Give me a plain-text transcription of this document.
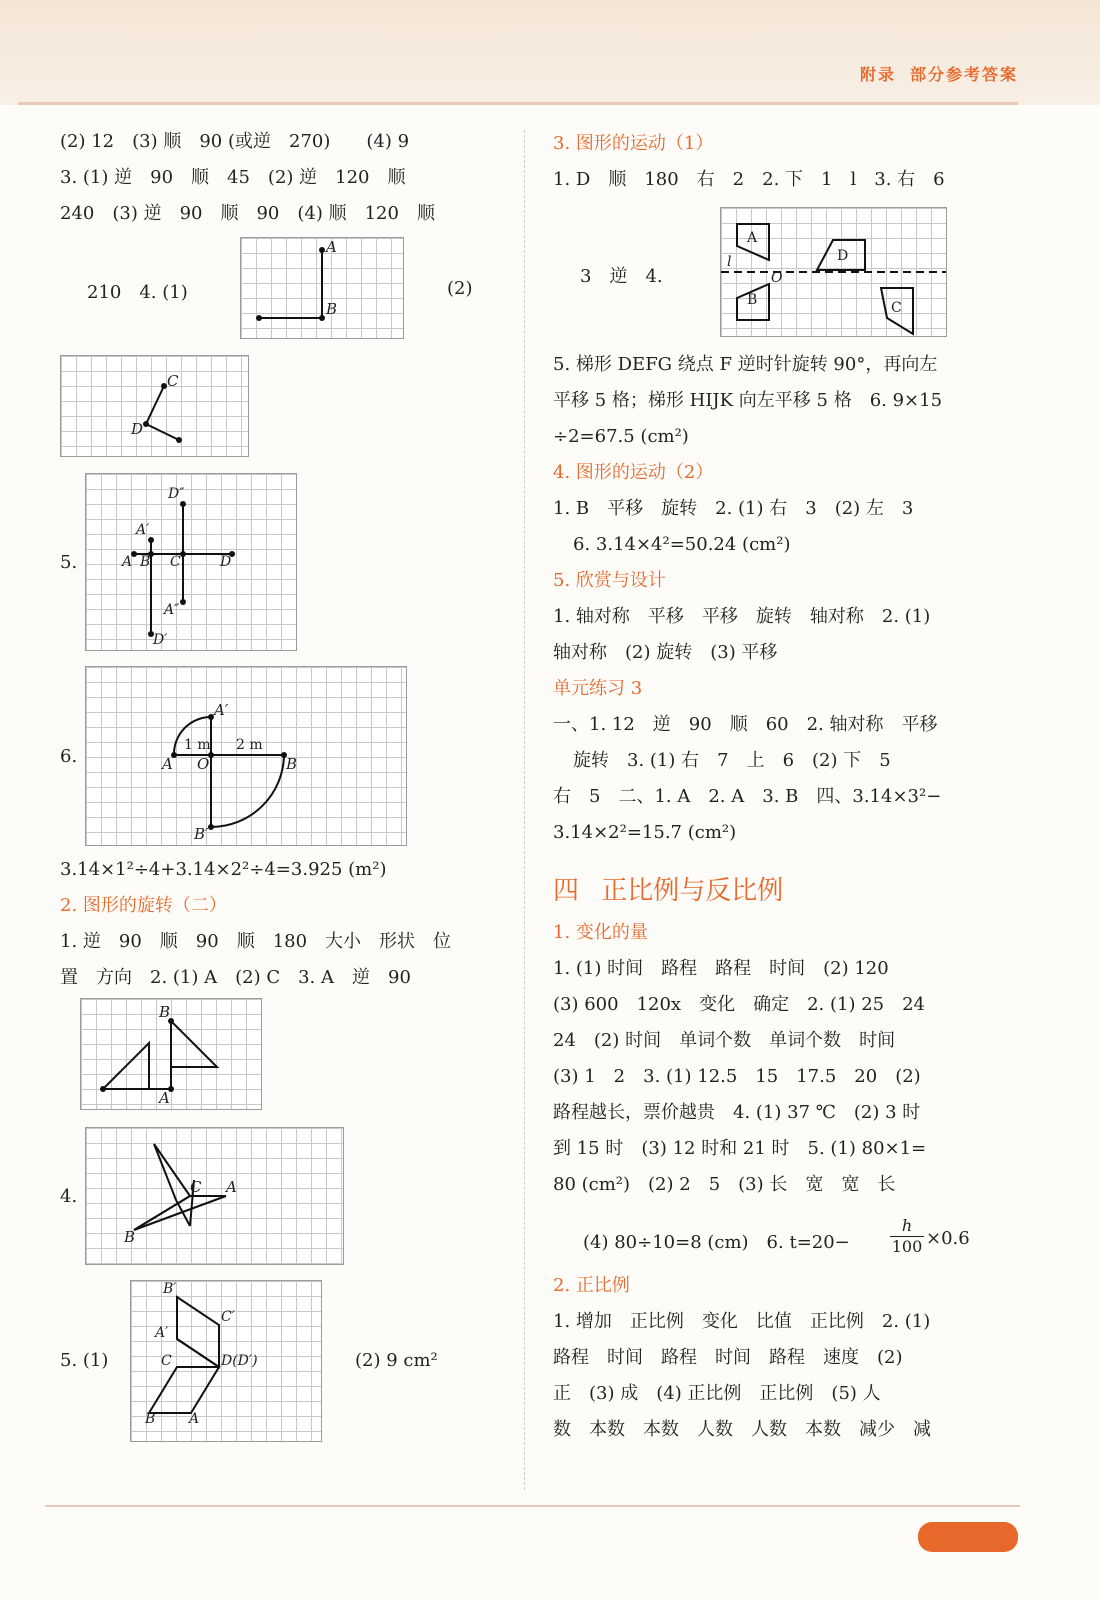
附录 部分参考答案
(2) 12　(3) 顺　90 (或逆　270)　　(4) 9
3. (1) 逆　90　顺　45　(2) 逆　120　顺
240　(3) 逆　90　顺　90　(4) 顺　120　顺
210　4. (1)	(2)
A
B
C
D
5.
D″
A′
A B C	D
A″
D′
6.
A′
1 m 2 m
A O	B
B′
3.14×1²÷4+3.14×2²÷4=3.925 (m²)
2. 图形的旋转（二）
1. 逆　90　顺　90　顺　180　大小　形状　位
置　方向　2. (1) A　(2) C　3. A　逆　90
B
A
4.	C A
B
5. (1)	(2) 9 cm²
B′
C′
A′
C	D(D′)
B A
3. 图形的运动（1）
1. D　顺　180　右　2　2. 下　1　l　3. 右　6
3　逆　4.
A
B
D
C
l
O
5. 梯形 DEFG 绕点 F 逆时针旋转 90°，再向左
平移 5 格；梯形 HIJK 向左平移 5 格　6. 9×15
÷2=67.5 (cm²)
4. 图形的运动（2）
1. B　平移　旋转　2. (1) 右　3　(2) 左　3
6. 3.14×4²=50.24 (cm²)
5. 欣赏与设计
1. 轴对称　平移　平移　旋转　轴对称　2. (1)
轴对称　(2) 旋转　(3) 平移
单元练习 3
一、1. 12　逆　90　顺　60　2. 轴对称　平移
旋转　3. (1) 右　7　上　6　(2) 下　5
右　5　二、1. A　2. A　3. B　四、3.14×3²−
3.14×2²=15.7 (cm²)
四 正比例与反比例
1. 变化的量
1. (1) 时间　路程　路程　时间　(2) 120
(3) 600　120x　变化　确定　2. (1) 25　24
24　(2) 时间　单词个数　单词个数　时间
(3) 1　2　3. (1) 12.5　15　17.5　20　(2)
路程越长，票价越贵　4. (1) 37 ℃　(2) 3 时
到 15 时　(3) 12 时和 21 时　5. (1) 80×1=
80 (cm²)　(2) 2　5　(3) 长　宽　宽　长
(4) 80÷10=8 (cm)　6. t=20−	$\frac{h}{100} \times 0.6$
2. 正比例
1. 增加　正比例　变化　比值　正比例　2. (1)
路程　时间　路程　时间　路程　速度　(2)
正　(3) 成　(4) 正比例　正比例　(5) 人
数　本数　本数　人数　人数　本数　减少　减
